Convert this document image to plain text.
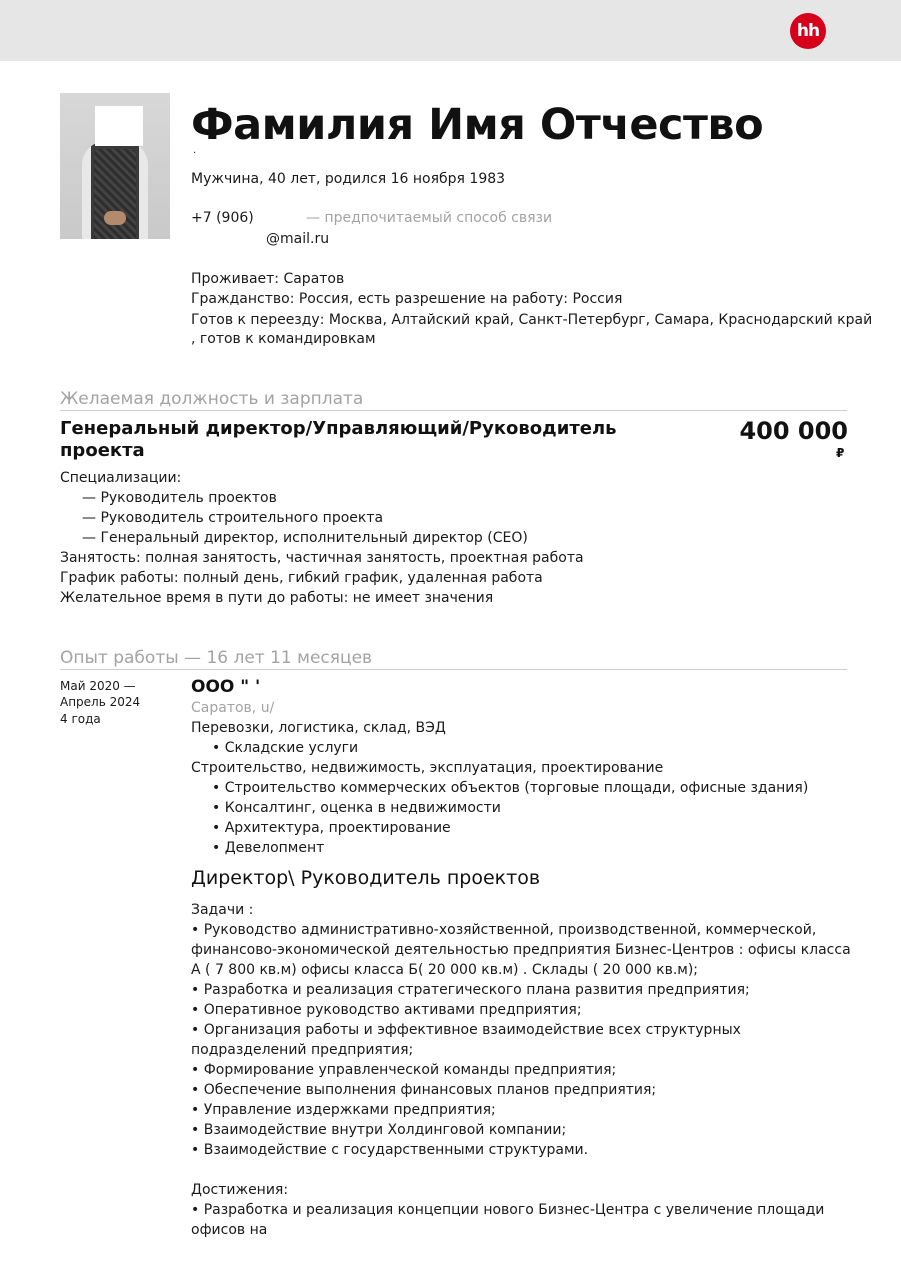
hh
Фамилия Имя Отчество
·
Мужчина, 40 лет, родился 16 ноября 1983
+7 (906)	— предпочитаемый способ связи
@mail.ru
Проживает: Саратов
Гражданство: Россия, есть разрешение на работу: Россия
Готов к переезду: Москва, Алтайский край, Санкт-Петербург, Самара, Краснодарский край
, готов к командировкам
Желаемая должность и зарплата
Генеральный директор/Управляющий/Руководитель проекта
400 000
₽
Специализации:
— Руководитель проектов
— Руководитель строительного проекта
— Генеральный директор, исполнительный директор (CEO)
Занятость: полная занятость, частичная занятость, проектная работа
График работы: полный день, гибкий график, удаленная работа
Желательное время в пути до работы: не имеет значения
Опыт работы — 16 лет 11 месяцев
Май 2020 —
Апрель 2024
4 года
ООО " '
Саратов, u/
Перевозки, логистика, склад, ВЭД
• Складские услуги
Строительство, недвижимость, эксплуатация, проектирование
• Строительство коммерческих объектов (торговые площади, офисные здания)
• Консалтинг, оценка в недвижимости
• Архитектура, проектирование
• Девелопмент
Директор\ Руководитель проектов
Задачи :
• Руководство административно-хозяйственной, производственной, коммерческой, финансово-экономической деятельностью предприятия Бизнес-Центров : офисы класса А ( 7 800 кв.м) офисы класса Б( 20 000 кв.м) . Склады ( 20 000 кв.м);
• Разработка и реализация стратегического плана развития предприятия;
• Оперативное руководство активами предприятия;
• Организация работы и эффективное взаимодействие всех структурных подразделений предприятия;
• Формирование управленческой команды предприятия;
• Обеспечение выполнения финансовых планов предприятия;
• Управление издержками предприятия;
• Взаимодействие внутри Холдинговой компании;
• Взаимодействие с государственными структурами.
Достижения:
• Разработка и реализация концепции нового Бизнес-Центра с увеличение площади офисов на
